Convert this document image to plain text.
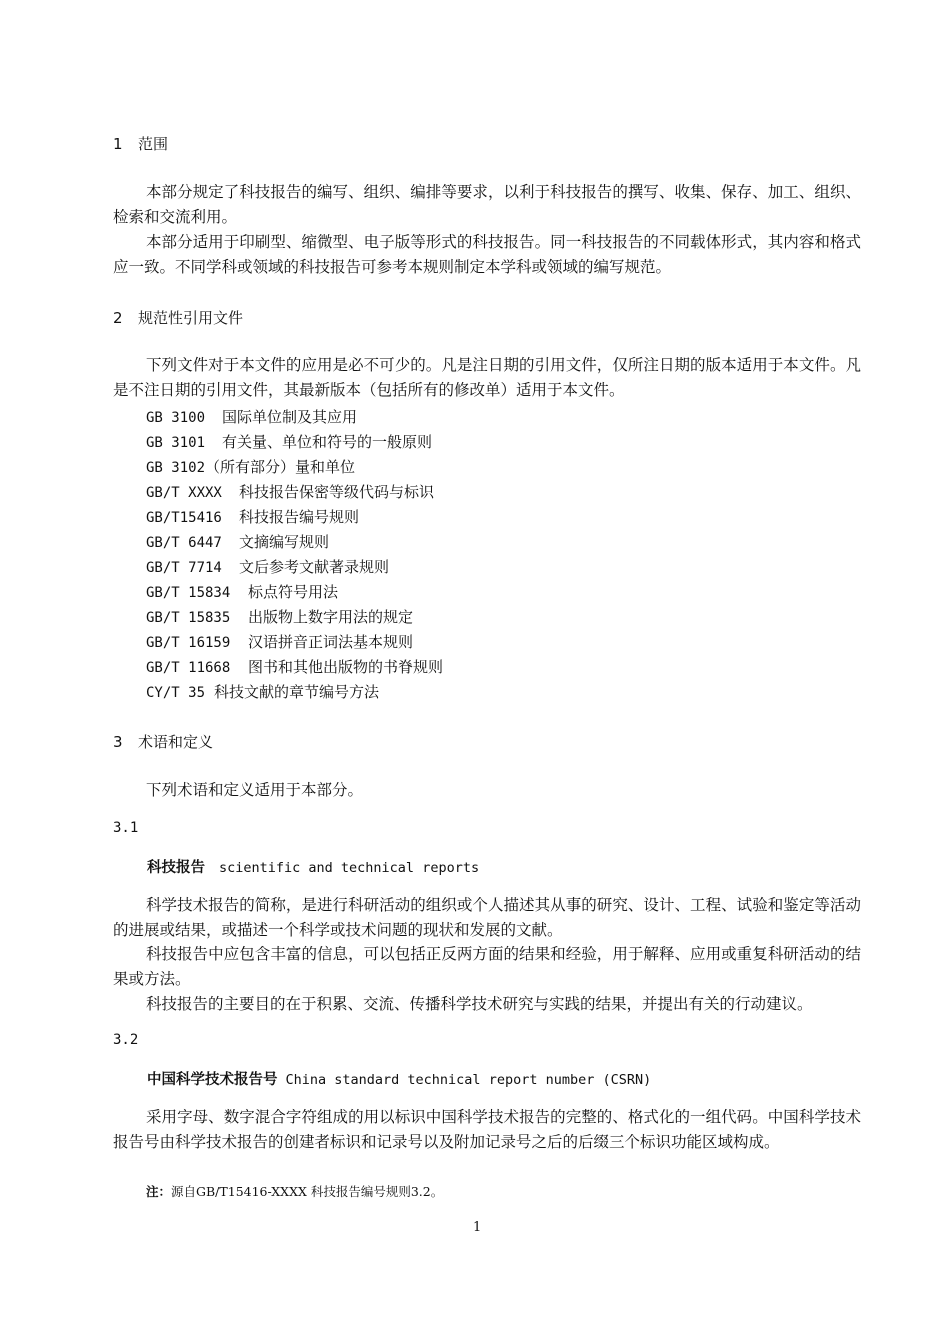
1 范围
本部分规定了科技报告的编写、组织、编排等要求，以利于科技报告的撰写、收集、保存、加工、组织、检索和交流利用。
本部分适用于印刷型、缩微型、电子版等形式的科技报告。同一科技报告的不同载体形式，其内容和格式应一致。不同学科或领域的科技报告可参考本规则制定本学科或领域的编写规范。
2 规范性引用文件
下列文件对于本文件的应用是必不可少的。凡是注日期的引用文件，仅所注日期的版本适用于本文件。凡是不注日期的引用文件，其最新版本（包括所有的修改单）适用于本文件。
GB 3100 国际单位制及其应用
GB 3101 有关量、单位和符号的一般原则
GB 3102（所有部分）量和单位
GB/T XXXX 科技报告保密等级代码与标识
GB/T15416 科技报告编号规则
GB/T 6447 文摘编写规则
GB/T 7714 文后参考文献著录规则
GB/T 15834 标点符号用法
GB/T 15835 出版物上数字用法的规定
GB/T 16159 汉语拼音正词法基本规则
GB/T 11668 图书和其他出版物的书脊规则
CY/T 35 科技文献的章节编号方法
3 术语和定义
下列术语和定义适用于本部分。
3.1
科技报告 scientific and technical reports
科学技术报告的简称，是进行科研活动的组织或个人描述其从事的研究、设计、工程、试验和鉴定等活动的进展或结果，或描述一个科学或技术问题的现状和发展的文献。
科技报告中应包含丰富的信息，可以包括正反两方面的结果和经验，用于解释、应用或重复科研活动的结果或方法。
科技报告的主要目的在于积累、交流、传播科学技术研究与实践的结果，并提出有关的行动建议。
3.2
中国科学技术报告号 China standard technical report number (CSRN)
采用字母、数字混合字符组成的用以标识中国科学技术报告的完整的、格式化的一组代码。中国科学技术报告号由科学技术报告的创建者标识和记录号以及附加记录号之后的后缀三个标识功能区域构成。
注：源自GB/T15416-XXXX 科技报告编号规则3.2。
1
